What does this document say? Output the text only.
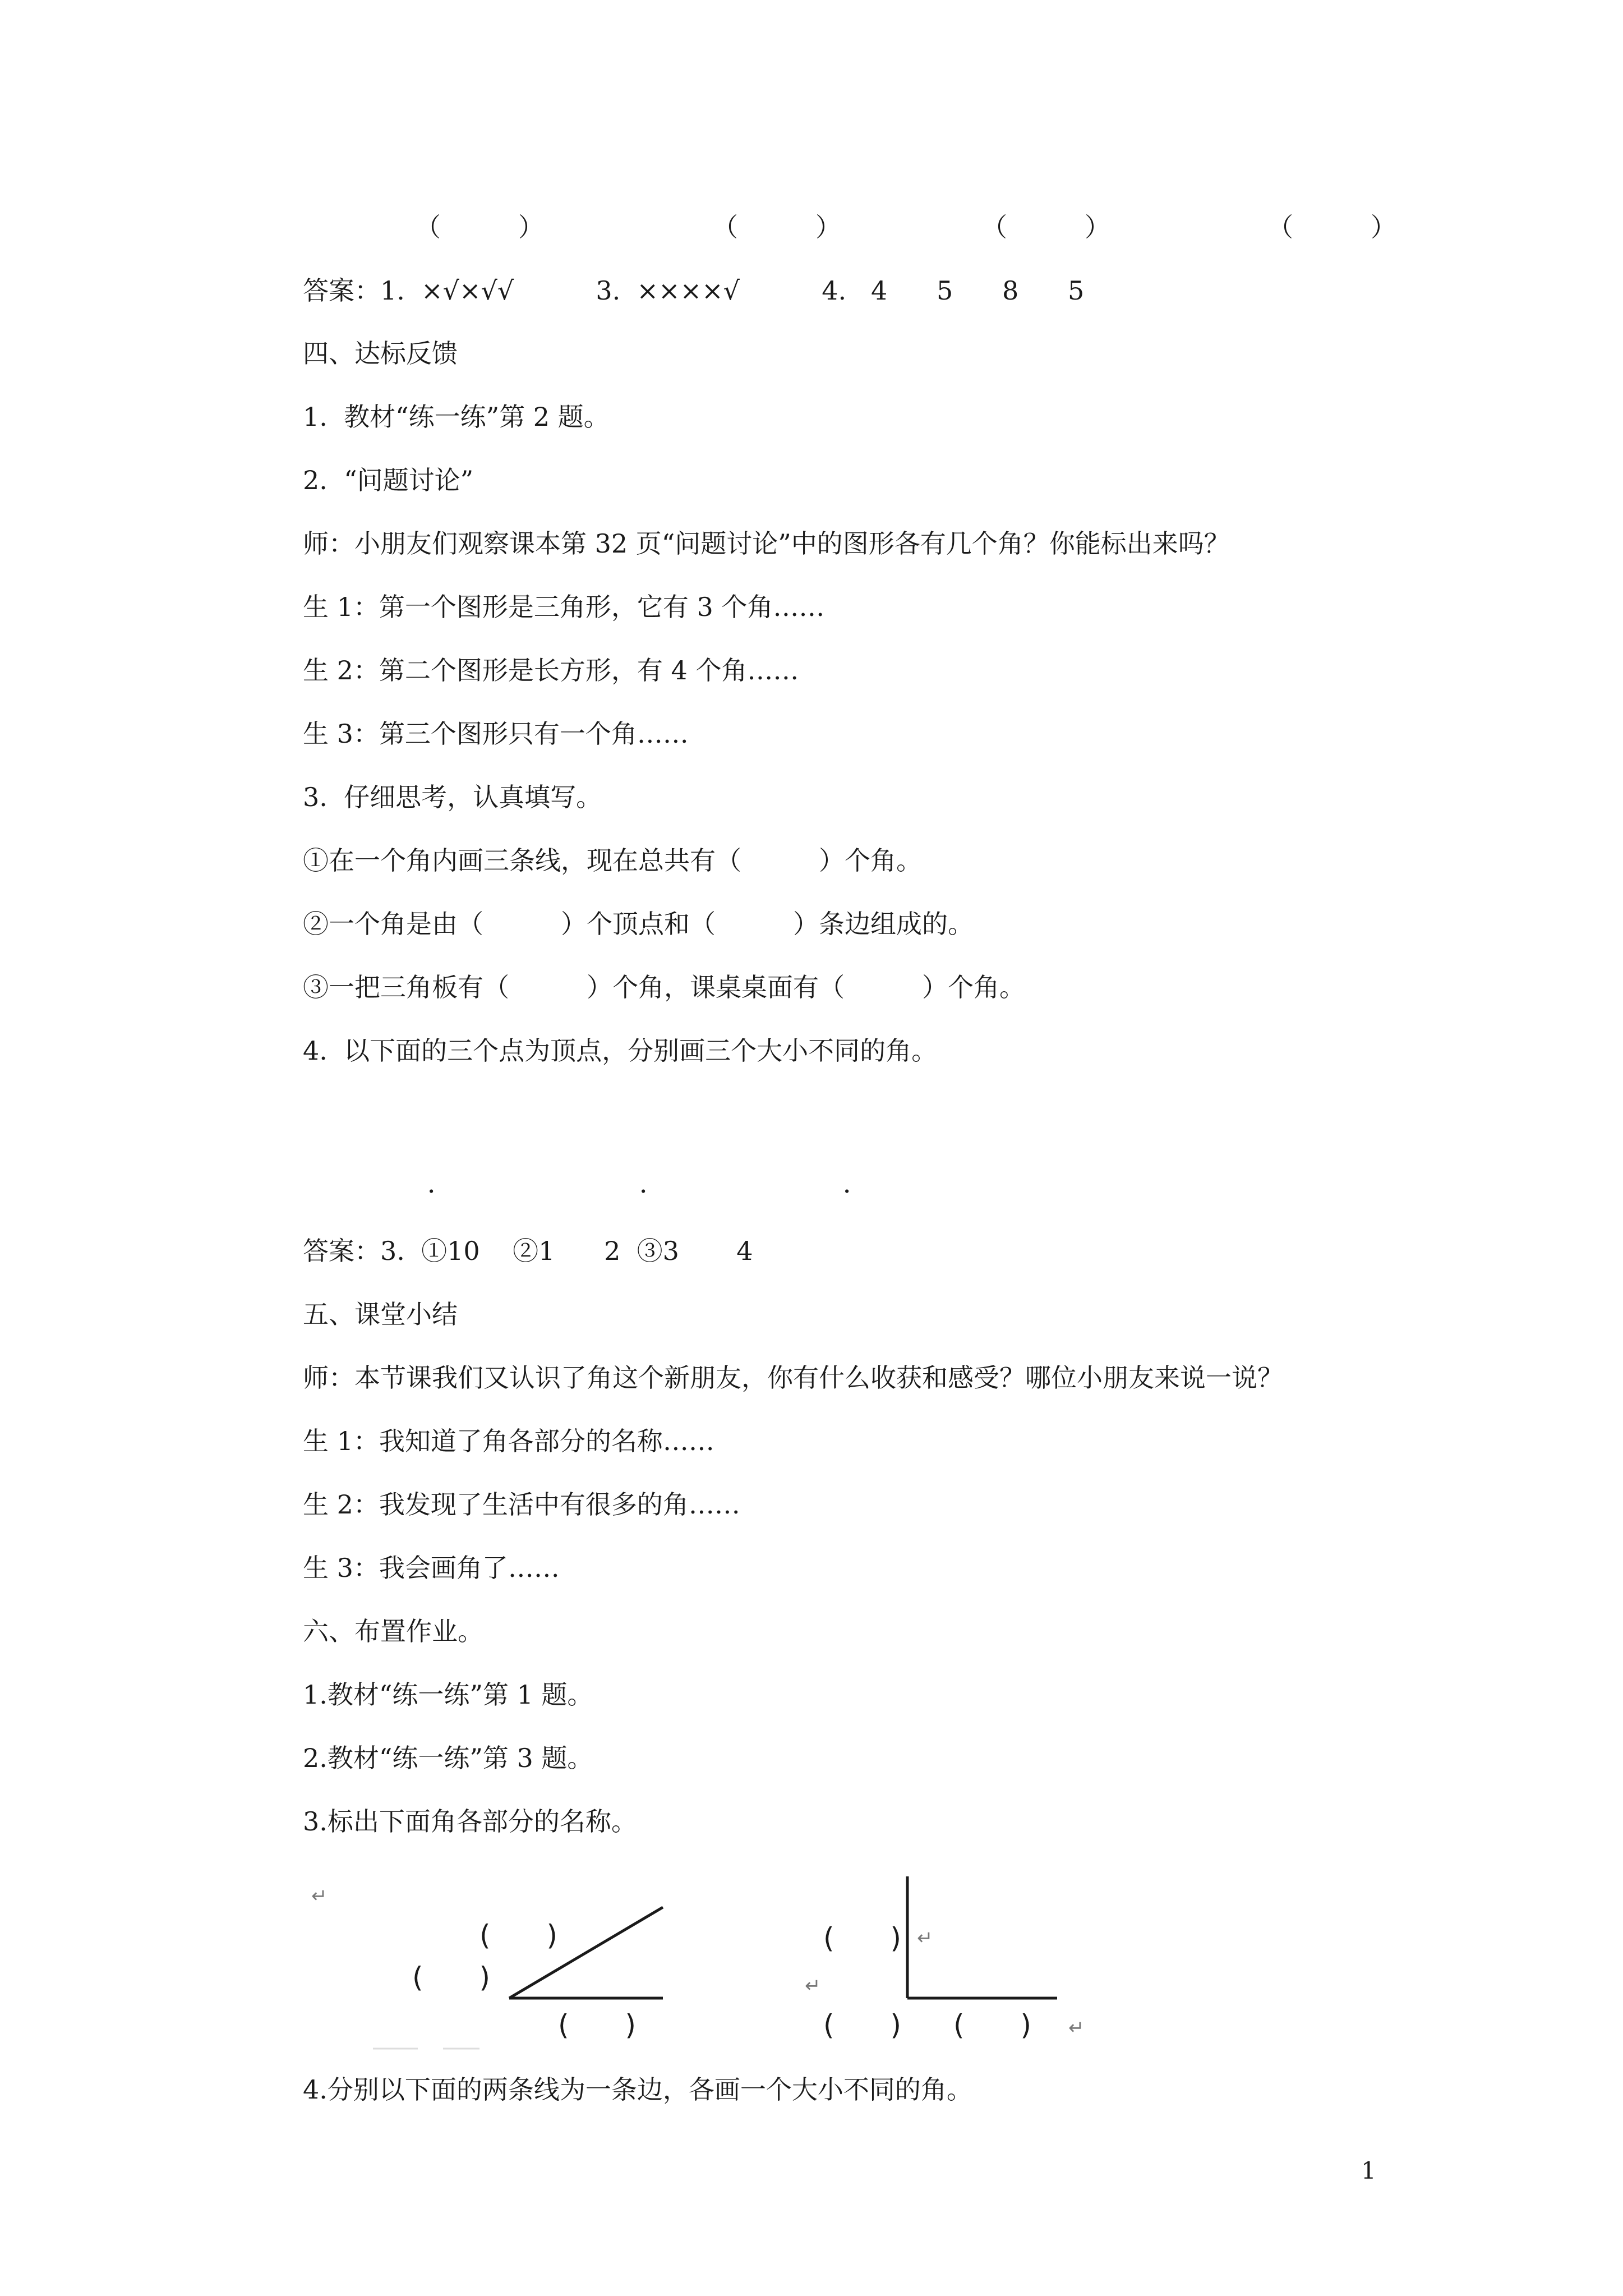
（　　　）	（　　　）	（　　　）	（　　　）
答案：1.  ×√×√√          3.  ××××√          4.   4      5      8      5
四、达标反馈
1.  教材“练一练”第 2 题。
2.  “问题讨论”
师：小朋友们观察课本第 32 页“问题讨论”中的图形各有几个角？你能标出来吗？
生 1：第一个图形是三角形，它有 3 个角……
生 2：第二个图形是长方形，有 4 个角……
生 3：第三个图形只有一个角……
3.  仔细思考，认真填写。
①在一个角内画三条线，现在总共有（　　　）个角。
②一个角是由（　　　）个顶点和（　　　）条边组成的。
③一把三角板有（　　　）个角，课桌桌面有（　　　）个角。
4.  以下面的三个点为顶点，分别画三个大小不同的角。
．	．	．
答案：3.  ①10    ②1      2  ③3       4
五、课堂小结
师：本节课我们又认识了角这个新朋友，你有什么收获和感受？哪位小朋友来说一说？
生 1：我知道了角各部分的名称……
生 2：我发现了生活中有很多的角……
生 3：我会画角了……
六、布置作业。
1.教材“练一练”第 1 题。
2.教材“练一练”第 3 题。
3.标出下面角各部分的名称。
↵
(　　)
(　　)
(　　)
(　　) ↵
↵
(　　) (　　) ↵
4.分别以下面的两条线为一条边，各画一个大小不同的角。
1
